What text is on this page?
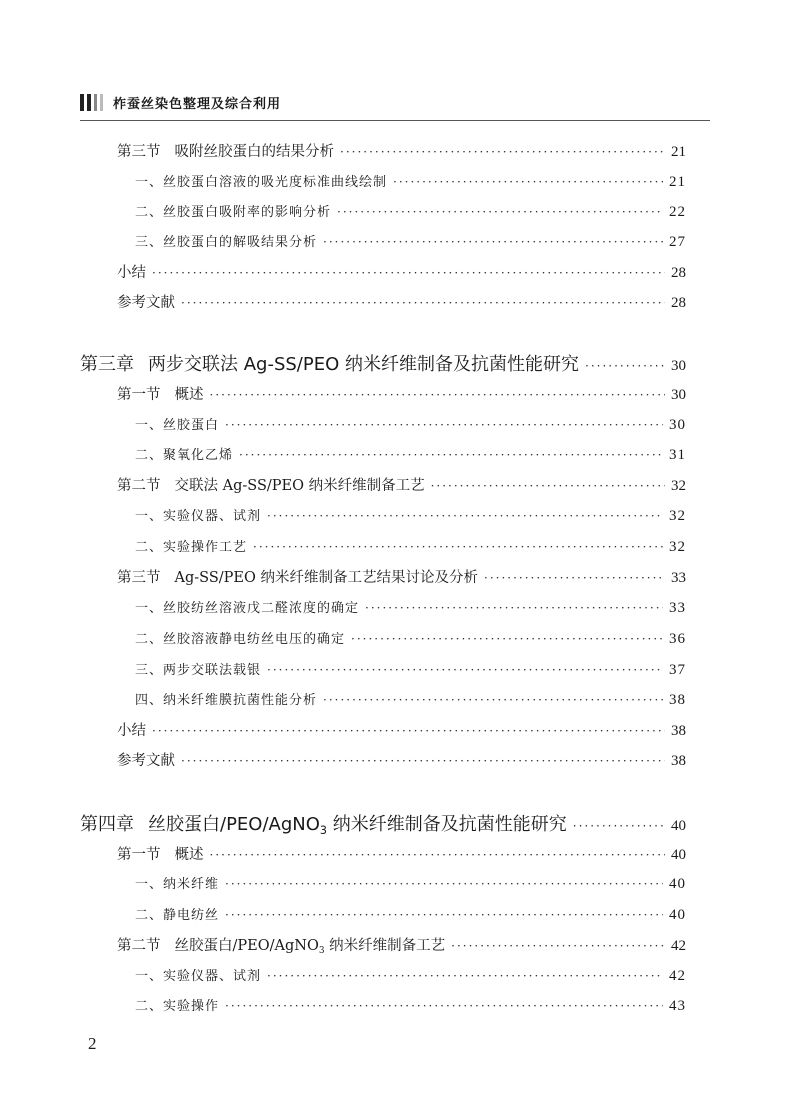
柞蚕丝染色整理及综合利用
第三节 吸附丝胶蛋白的结果分析 ·····	21
一、丝胶蛋白溶液的吸光度标准曲线绘制 ·····	21
二、丝胶蛋白吸附率的影响分析 ·····	22
三、丝胶蛋白的解吸结果分析 ·····	27
小结 ·····	28
参考文献 ·····	28
第三章 两步交联法 Ag-SS/PEO 纳米纤维制备及抗菌性能研究 ·····	30
第一节 概述 ·····	30
一、丝胶蛋白 ·····	30
二、聚氧化乙烯 ·····	31
第二节 交联法 Ag-SS/PEO 纳米纤维制备工艺 ·····	32
一、实验仪器、试剂 ·····	32
二、实验操作工艺 ·····	32
第三节 Ag-SS/PEO 纳米纤维制备工艺结果讨论及分析 ·····	33
一、丝胶纺丝溶液戊二醛浓度的确定 ·····	33
二、丝胶溶液静电纺丝电压的确定 ·····	36
三、两步交联法载银 ·····	37
四、纳米纤维膜抗菌性能分析 ·····	38
小结 ·····	38
参考文献 ·····	38
第四章 丝胶蛋白/PEO/AgNO$_3$ 纳米纤维制备及抗菌性能研究 ·····	40
第一节 概述 ·····	40
一、纳米纤维 ·····	40
二、静电纺丝 ·····	40
第二节 丝胶蛋白/PEO/AgNO$_3$ 纳米纤维制备工艺 ·····	42
一、实验仪器、试剂 ·····	42
二、实验操作 ·····	43
2
